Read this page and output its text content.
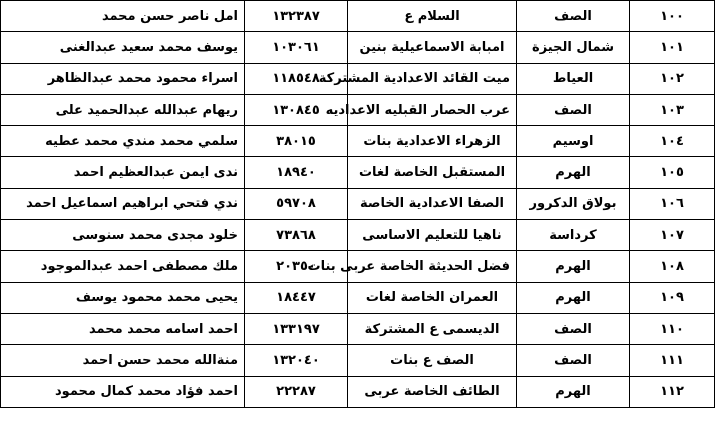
١٠٠	الصف	السلام ع	١٣٢٣٨٧	امل ناصر حسن محمد
١٠١	شمال الجيزة	امبابة الاسماعيلية بنين	١٠٣٠٦١	يوسف محمد سعيد عبدالغنى
١٠٢	العياط	ميت القائد الاعدادية المشتركة	١١٨٥٤٨	اسراء محمود محمد عبدالظاهر
١٠٣	الصف	عرب الحصار القبليه الاعداديه	١٣٠٨٤٥	ريهام عبدالله عبدالحميد على
١٠٤	اوسيم	الزهراء الاعدادية بنات	٣٨٠١٥	سلمي محمد مندي محمد عطيه
١٠٥	الهرم	المستقبل الخاصة لغات	١٨٩٤٠	ندى ايمن عبدالعظيم احمد
١٠٦	بولاق الدكرور	الصفا الاعدادية الخاصة	٥٩٧٠٨	ندي فتحي ابراهيم اسماعيل احمد
١٠٧	كرداسة	ناهيا للتعليم الاساسى	٧٣٨٦٨	خلود مجدى محمد سنوسى
١٠٨	الهرم	فضل الحديثة الخاصة عربى بنات	٢٠٣٥٠	ملك مصطفى احمد عبدالموجود
١٠٩	الهرم	العمران الخاصة لغات	١٨٤٤٧	يحيى محمد محمود يوسف
١١٠	الصف	الديسمى ع المشتركة	١٣٣١٩٧	احمد اسامه محمد محمد
١١١	الصف	الصف ع بنات	١٣٢٠٤٠	منةالله محمد حسن احمد
١١٢	الهرم	الطائف الخاصة عربى	٢٢٢٨٧	احمد فؤاد محمد كمال محمود
